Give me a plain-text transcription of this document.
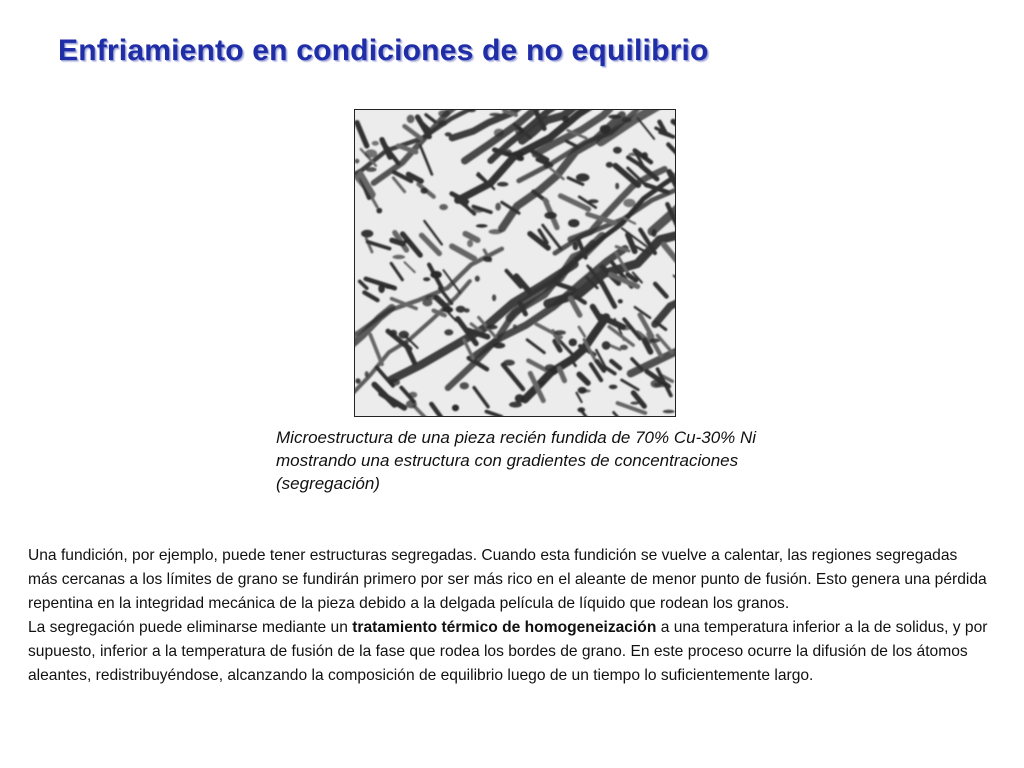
Enfriamiento en condiciones de no equilibrio

Microestructura de una pieza recién fundida de 70% Cu-30% Ni mostrando una estructura con gradientes de concentraciones (segregación)

Una fundición, por ejemplo, puede tener estructuras segregadas. Cuando esta fundición se vuelve a calentar, las regiones segregadas más cercanas a los límites de grano se fundirán primero por ser más rico en el aleante de menor punto de fusión. Esto genera una pérdida repentina en la integridad mecánica de la pieza debido a la delgada película de líquido que rodean los granos.

La segregación puede eliminarse mediante un tratamiento térmico de homogeneización a una temperatura inferior a la de solidus, y por supuesto, inferior a la temperatura de fusión de la fase que rodea los bordes de grano. En este proceso ocurre la difusión de los átomos aleantes, redistribuyéndose, alcanzando la composición de equilibrio luego de un tiempo lo suficientemente largo.
